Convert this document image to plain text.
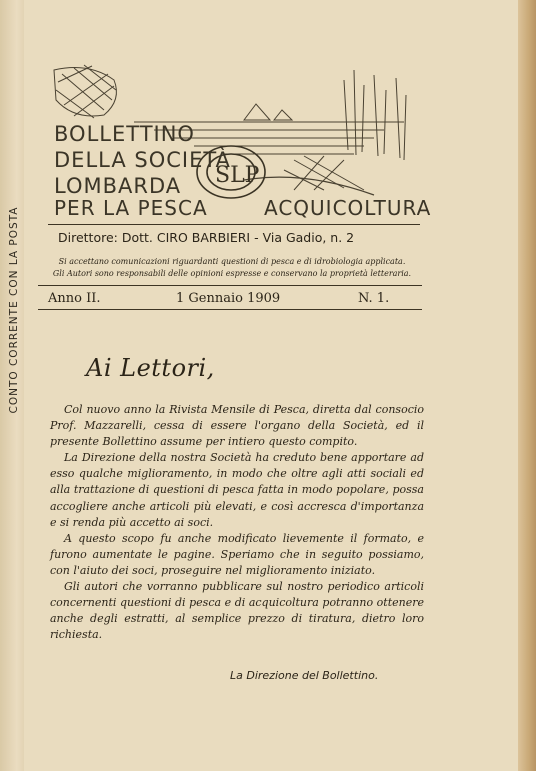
CONTO CORRENTE CON LA POSTA
SLP
BOLLETTINO
DELLA SOCIETÀ
LOMBARDA
PER LA PESCA	ACQUICOLTURA
Direttore: Dott. CIRO BARBIERI - Via Gadio, n. 2
Si accettano comunicazioni riguardanti questioni di pesca e di idrobiologia applicata.
Gli Autori sono responsabili delle opinioni espresse e conservano la proprietà letteraria.
Anno II.	1 Gennaio 1909	N. 1.
Ai Lettori,

Col nuovo anno la Rivista Mensile di Pesca, diretta dal consocio Prof. Mazzarelli, cessa di essere l'organo della Società, ed il presente Bollettino assume per intiero questo compito.

La Direzione della nostra Società ha creduto bene apportare ad esso qualche miglioramento, in modo che oltre agli atti sociali ed alla trattazione di questioni di pesca fatta in modo popolare, possa accogliere anche articoli più elevati, e così accresca d'importanza e si renda più accetto ai soci.

A questo scopo fu anche modificato lievemente il formato, e furono aumentate le pagine. Speriamo che in seguito possiamo, con l'aiuto dei soci, proseguire nel miglioramento iniziato.

Gli autori che vorranno pubblicare sul nostro periodico articoli concernenti questioni di pesca e di acquicoltura potranno ottenere anche degli estratti, al semplice prezzo di tiratura, dietro loro richiesta.

La Direzione del Bollettino.
